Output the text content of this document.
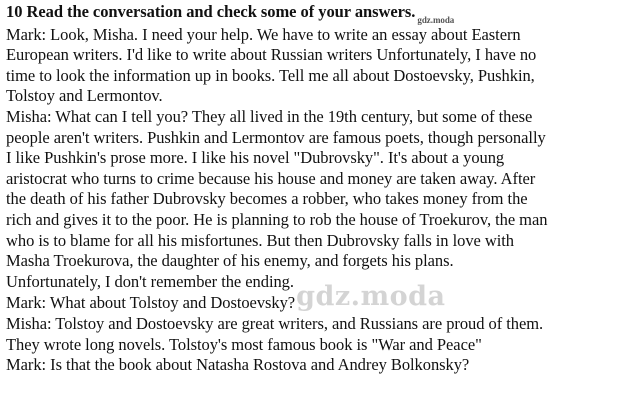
10 Read the conversation and check some of your answers. $_{gdz.moda}$
Mark: Look, Misha. I need your help. We have to write an essay about Eastern
European writers. I'd like to write about Russian writers Unfortunately, I have no
time to look the information up in books. Tell me all about Dostoevsky, Pushkin,
Tolstoy and Lermontov.
Misha: What can I tell you? They all lived in the 19th century, but some of these
people aren't writers. Pushkin and Lermontov are famous poets, though personally
I like Pushkin's prose more. I like his novel "Dubrovsky". It's about a young
aristocrat who turns to crime because his house and money are taken away. After
the death of his father Dubrovsky becomes a robber, who takes money from the
rich and gives it to the poor. He is planning to rob the house of Troekurov, the man
who is to blame for all his misfortunes. But then Dubrovsky falls in love with
Masha Troekurova, the daughter of his enemy, and forgets his plans.
Unfortunately, I don't remember the ending.
Mark: What about Tolstoy and Dostoevsky?gdz.moda
Misha: Tolstoy and Dostoevsky are great writers, and Russians are proud of them.
They wrote long novels. Tolstoy's most famous book is "War and Peace"
Mark: Is that the book about Natasha Rostova and Andrey Bolkonsky?
